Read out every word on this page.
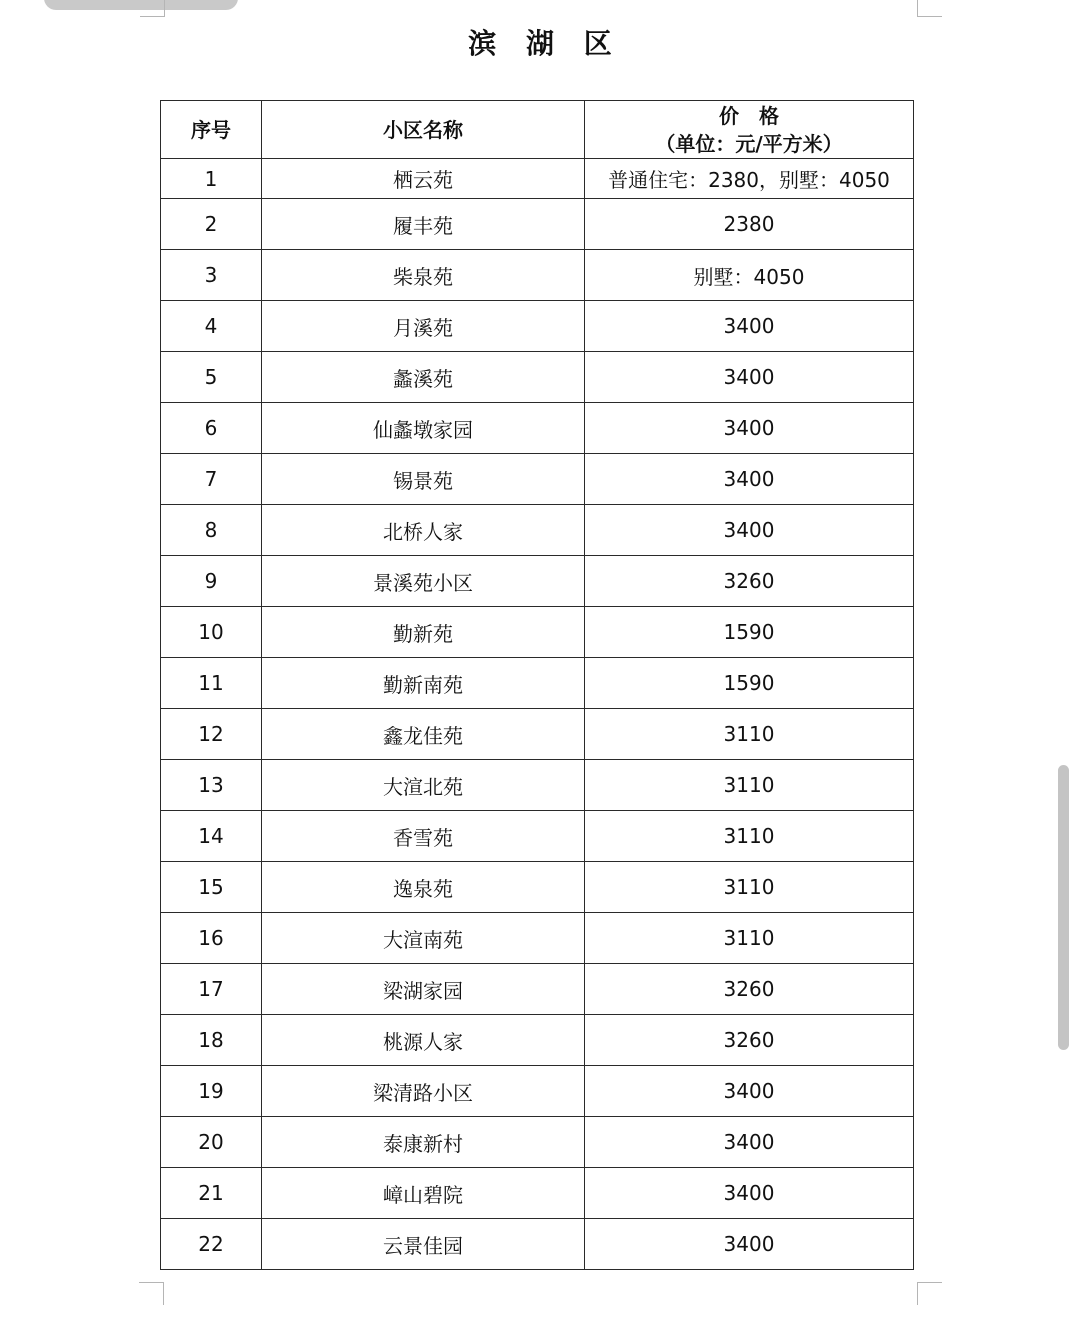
滨 湖 区
序号	小区名称	价　格
（单位：元/平方米）

1	栖云苑	普通住宅：2380，别墅：4050
2	履丰苑	2380
3	柴泉苑	别墅：4050
4	月溪苑	3400
5	蠡溪苑	3400
6	仙蠡墩家园	3400
7	锡景苑	3400
8	北桥人家	3400
9	景溪苑小区	3260
10	勤新苑	1590
11	勤新南苑	1590
12	鑫龙佳苑	3110
13	大渲北苑	3110
14	香雪苑	3110
15	逸泉苑	3110
16	大渲南苑	3110
17	梁湖家园	3260
18	桃源人家	3260
19	梁清路小区	3400
20	泰康新村	3400
21	嶂山碧院	3400
22	云景佳园	3400
